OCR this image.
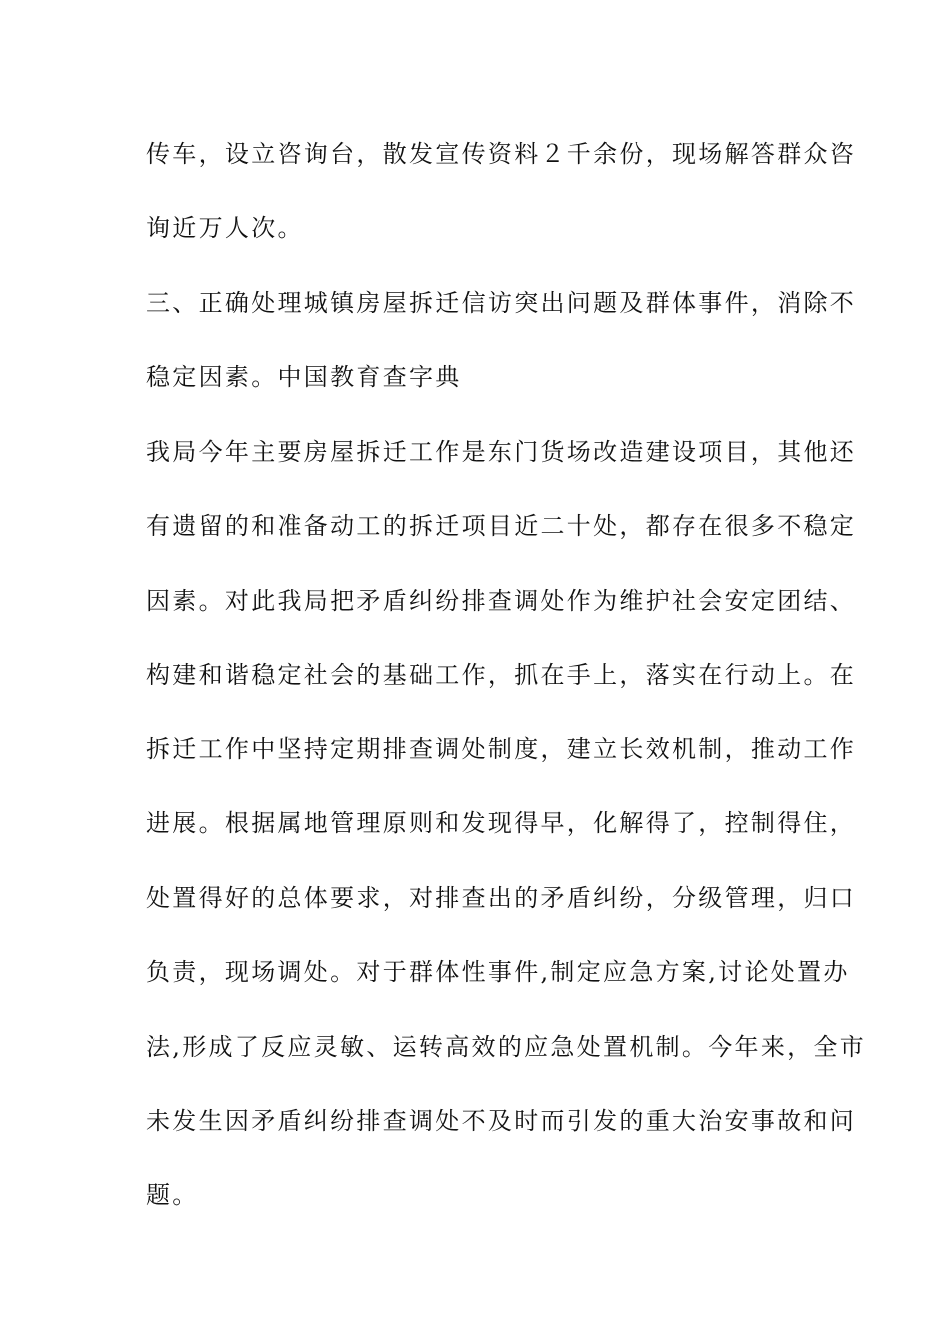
传车，设立咨询台，散发宣传资料２千余份，现场解答群众咨
询近万人次。
三、正确处理城镇房屋拆迁信访突出问题及群体事件，消除不
稳定因素。中国教育查字典
我局今年主要房屋拆迁工作是东门货场改造建设项目，其他还
有遗留的和准备动工的拆迁项目近二十处，都存在很多不稳定
因素。对此我局把矛盾纠纷排查调处作为维护社会安定团结、
构建和谐稳定社会的基础工作，抓在手上，落实在行动上。在
拆迁工作中坚持定期排查调处制度，建立长效机制，推动工作
进展。根据属地管理原则和发现得早，化解得了，控制得住，
处置得好的总体要求，对排查出的矛盾纠纷，分级管理，归口
负责，现场调处。对于群体性事件,制定应急方案,讨论处置办
法,形成了反应灵敏、运转高效的应急处置机制。今年来，全市
未发生因矛盾纠纷排查调处不及时而引发的重大治安事故和问
题。
